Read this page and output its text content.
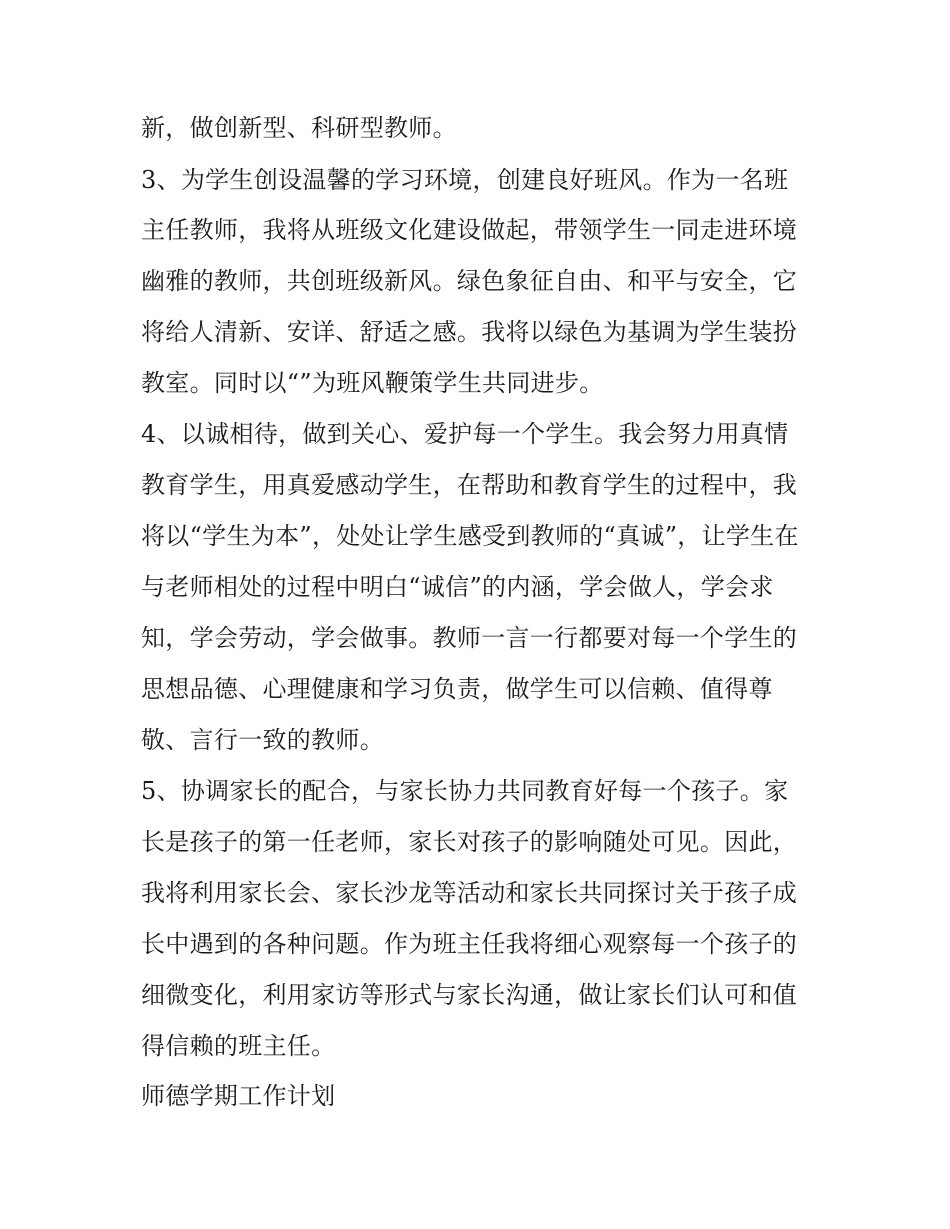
新，做创新型、科研型教师。
3、为学生创设温馨的学习环境，创建良好班风。作为一名班
主任教师，我将从班级文化建设做起，带领学生一同走进环境
幽雅的教师，共创班级新风。绿色象征自由、和平与安全，它
将给人清新、安详、舒适之感。我将以绿色为基调为学生装扮
教室。同时以“”为班风鞭策学生共同进步。
4、以诚相待，做到关心、爱护每一个学生。我会努力用真情
教育学生，用真爱感动学生，在帮助和教育学生的过程中，我
将以“学生为本”，处处让学生感受到教师的“真诚”，让学生在
与老师相处的过程中明白“诚信”的内涵，学会做人，学会求
知，学会劳动，学会做事。教师一言一行都要对每一个学生的
思想品德、心理健康和学习负责，做学生可以信赖、值得尊
敬、言行一致的教师。
5、协调家长的配合，与家长协力共同教育好每一个孩子。家
长是孩子的第一任老师，家长对孩子的影响随处可见。因此，
我将利用家长会、家长沙龙等活动和家长共同探讨关于孩子成
长中遇到的各种问题。作为班主任我将细心观察每一个孩子的
细微变化，利用家访等形式与家长沟通，做让家长们认可和值
得信赖的班主任。
师德学期工作计划
